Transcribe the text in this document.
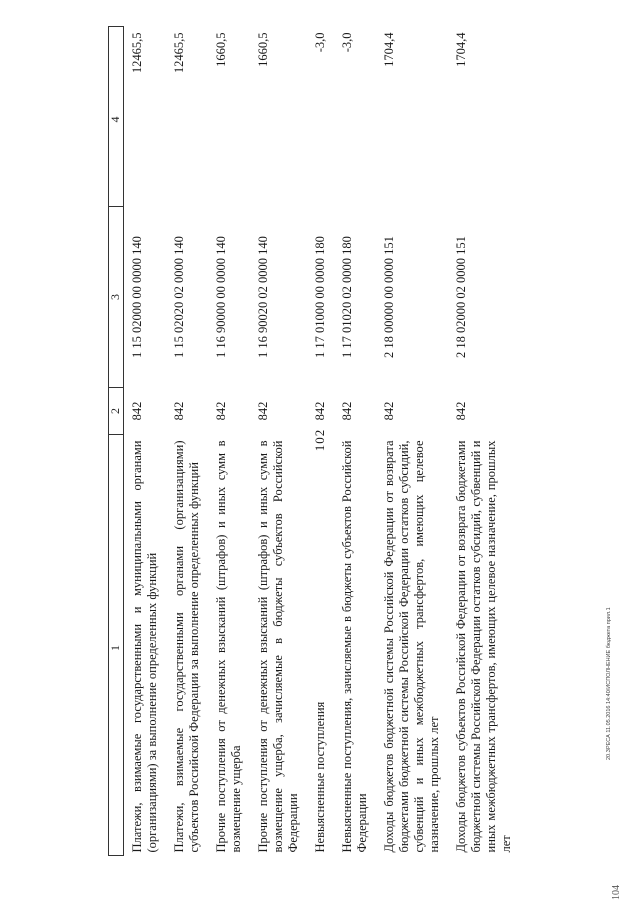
102
1	2	3	4
Платежи, взимаемые государственными и муниципальными органами (организациями) за выполнение определенных функций	842	1 15 02000 00 0000 140	12465,5
Платежи, взимаемые государственными органами (организациями) субъектов Российской Федерации за выполнение определенных функций	842	1 15 02020 02 0000 140	12465,5
Прочие поступления от денежных взысканий (штрафов) и иных сумм в возмещение ущерба	842	1 16 90000 00 0000 140	1660,5
Прочие поступления от денежных взысканий (штрафов) и иных сумм в возмещение ущерба, зачисляемые в бюджеты субъектов Российской Федерации	842	1 16 90020 02 0000 140	1660,5
Невыясненные поступления	842	1 17 01000 00 0000 180	-3,0
Невыясненные поступления, зачисляемые в бюджеты субъектов Российской Федерации	842	1 17 01020 02 0000 180	-3,0
Доходы бюджетов бюджетной системы Российской Федерации от возврата бюджетами бюджетной системы Российской Федерации остатков субсидий, субвенций и иных межбюджетных трансфертов, имеющих целевое назначение, прошлых лет	842	2 18 00000 00 0000 151	1704,4
Доходы бюджетов субъектов Российской Федерации от возврата бюджетами бюджетной системы Российской Федерации остатков субсидий, субвенций и иных межбюджетных трансфертов, имеющих целевое назначение, прошлых лет	842	2 18 02000 02 0000 151	1704,4
20.ЗРЕСА 11.05.2016 14:40/ИСПОЛНЕНИЕ бюджета прил.1
104
